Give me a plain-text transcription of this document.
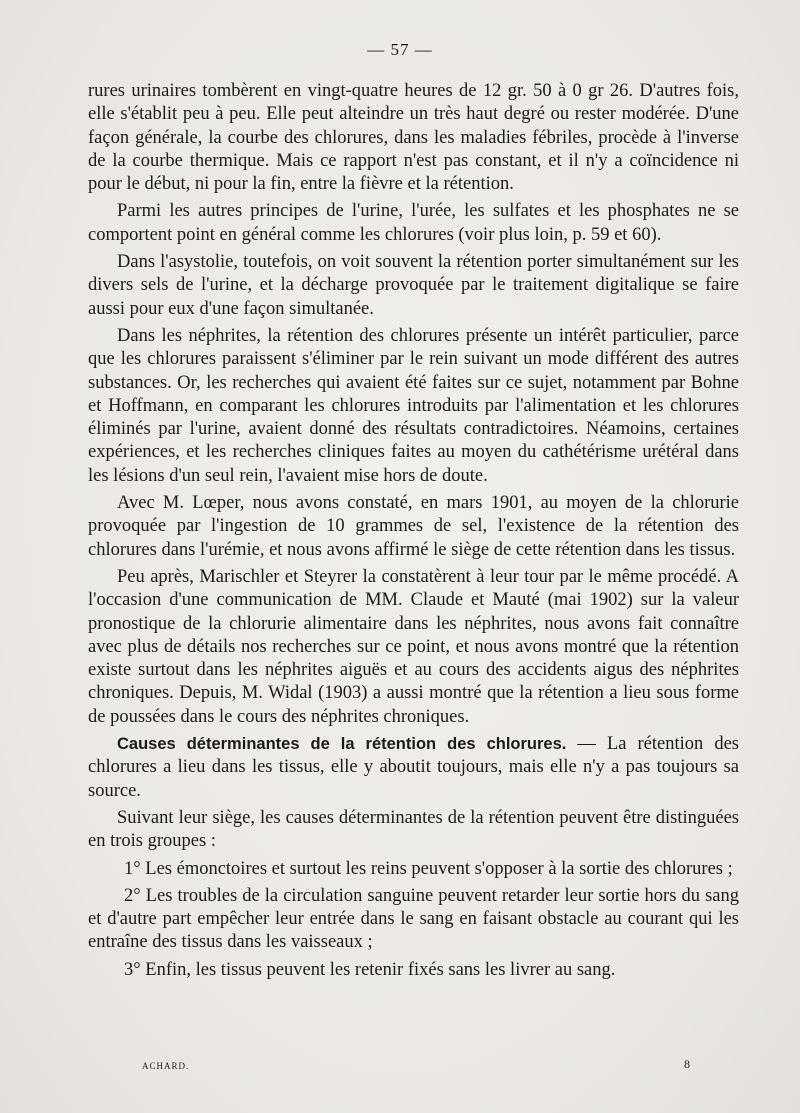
— 57 —

rures urinaires tombèrent en vingt-quatre heures de 12 gr. 50 à 0 gr 26. D'autres fois, elle s'établit peu à peu. Elle peut alteindre un très haut degré ou rester modérée. D'une façon générale, la courbe des chlorures, dans les maladies fébriles, procède à l'inverse de la courbe thermique. Mais ce rapport n'est pas constant, et il n'y a coïncidence ni pour le début, ni pour la fin, entre la fièvre et la rétention.

Parmi les autres principes de l'urine, l'urée, les sulfates et les phosphates ne se comportent point en général comme les chlorures (voir plus loin, p. 59 et 60).

Dans l'asystolie, toutefois, on voit souvent la rétention porter simultanément sur les divers sels de l'urine, et la décharge provoquée par le traitement digitalique se faire aussi pour eux d'une façon simultanée.

Dans les néphrites, la rétention des chlorures présente un intérêt particulier, parce que les chlorures paraissent s'éliminer par le rein suivant un mode différent des autres substances. Or, les recherches qui avaient été faites sur ce sujet, notamment par Bohne et Hoffmann, en comparant les chlorures introduits par l'alimentation et les chlorures éliminés par l'urine, avaient donné des résultats contradictoires. Néamoins, certaines expériences, et les recherches cliniques faites au moyen du cathétérisme urétéral dans les lésions d'un seul rein, l'avaient mise hors de doute.

Avec M. Lœper, nous avons constaté, en mars 1901, au moyen de la chlorurie provoquée par l'ingestion de 10 grammes de sel, l'existence de la rétention des chlorures dans l'urémie, et nous avons affirmé le siège de cette rétention dans les tissus.

Peu après, Marischler et Steyrer la constatèrent à leur tour par le même procédé. A l'occasion d'une communication de MM. Claude et Mauté (mai 1902) sur la valeur pronostique de la chlorurie alimentaire dans les néphrites, nous avons fait connaître avec plus de détails nos recherches sur ce point, et nous avons montré que la rétention existe surtout dans les néphrites aiguës et au cours des accidents aigus des néphrites chroniques. Depuis, M. Widal (1903) a aussi montré que la rétention a lieu sous forme de poussées dans le cours des néphrites chroniques.

Causes déterminantes de la rétention des chlorures. — La rétention des chlorures a lieu dans les tissus, elle y aboutit toujours, mais elle n'y a pas toujours sa source.

Suivant leur siège, les causes déterminantes de la rétention peuvent être distinguées en trois groupes :

1° Les émonctoires et surtout les reins peuvent s'opposer à la sortie des chlorures ;

2° Les troubles de la circulation sanguine peuvent retarder leur sortie hors du sang et d'autre part empêcher leur entrée dans le sang en faisant obstacle au courant qui les entraîne des tissus dans les vaisseaux ;

3° Enfin, les tissus peuvent les retenir fixés sans les livrer au sang.

ACHARD.	8
